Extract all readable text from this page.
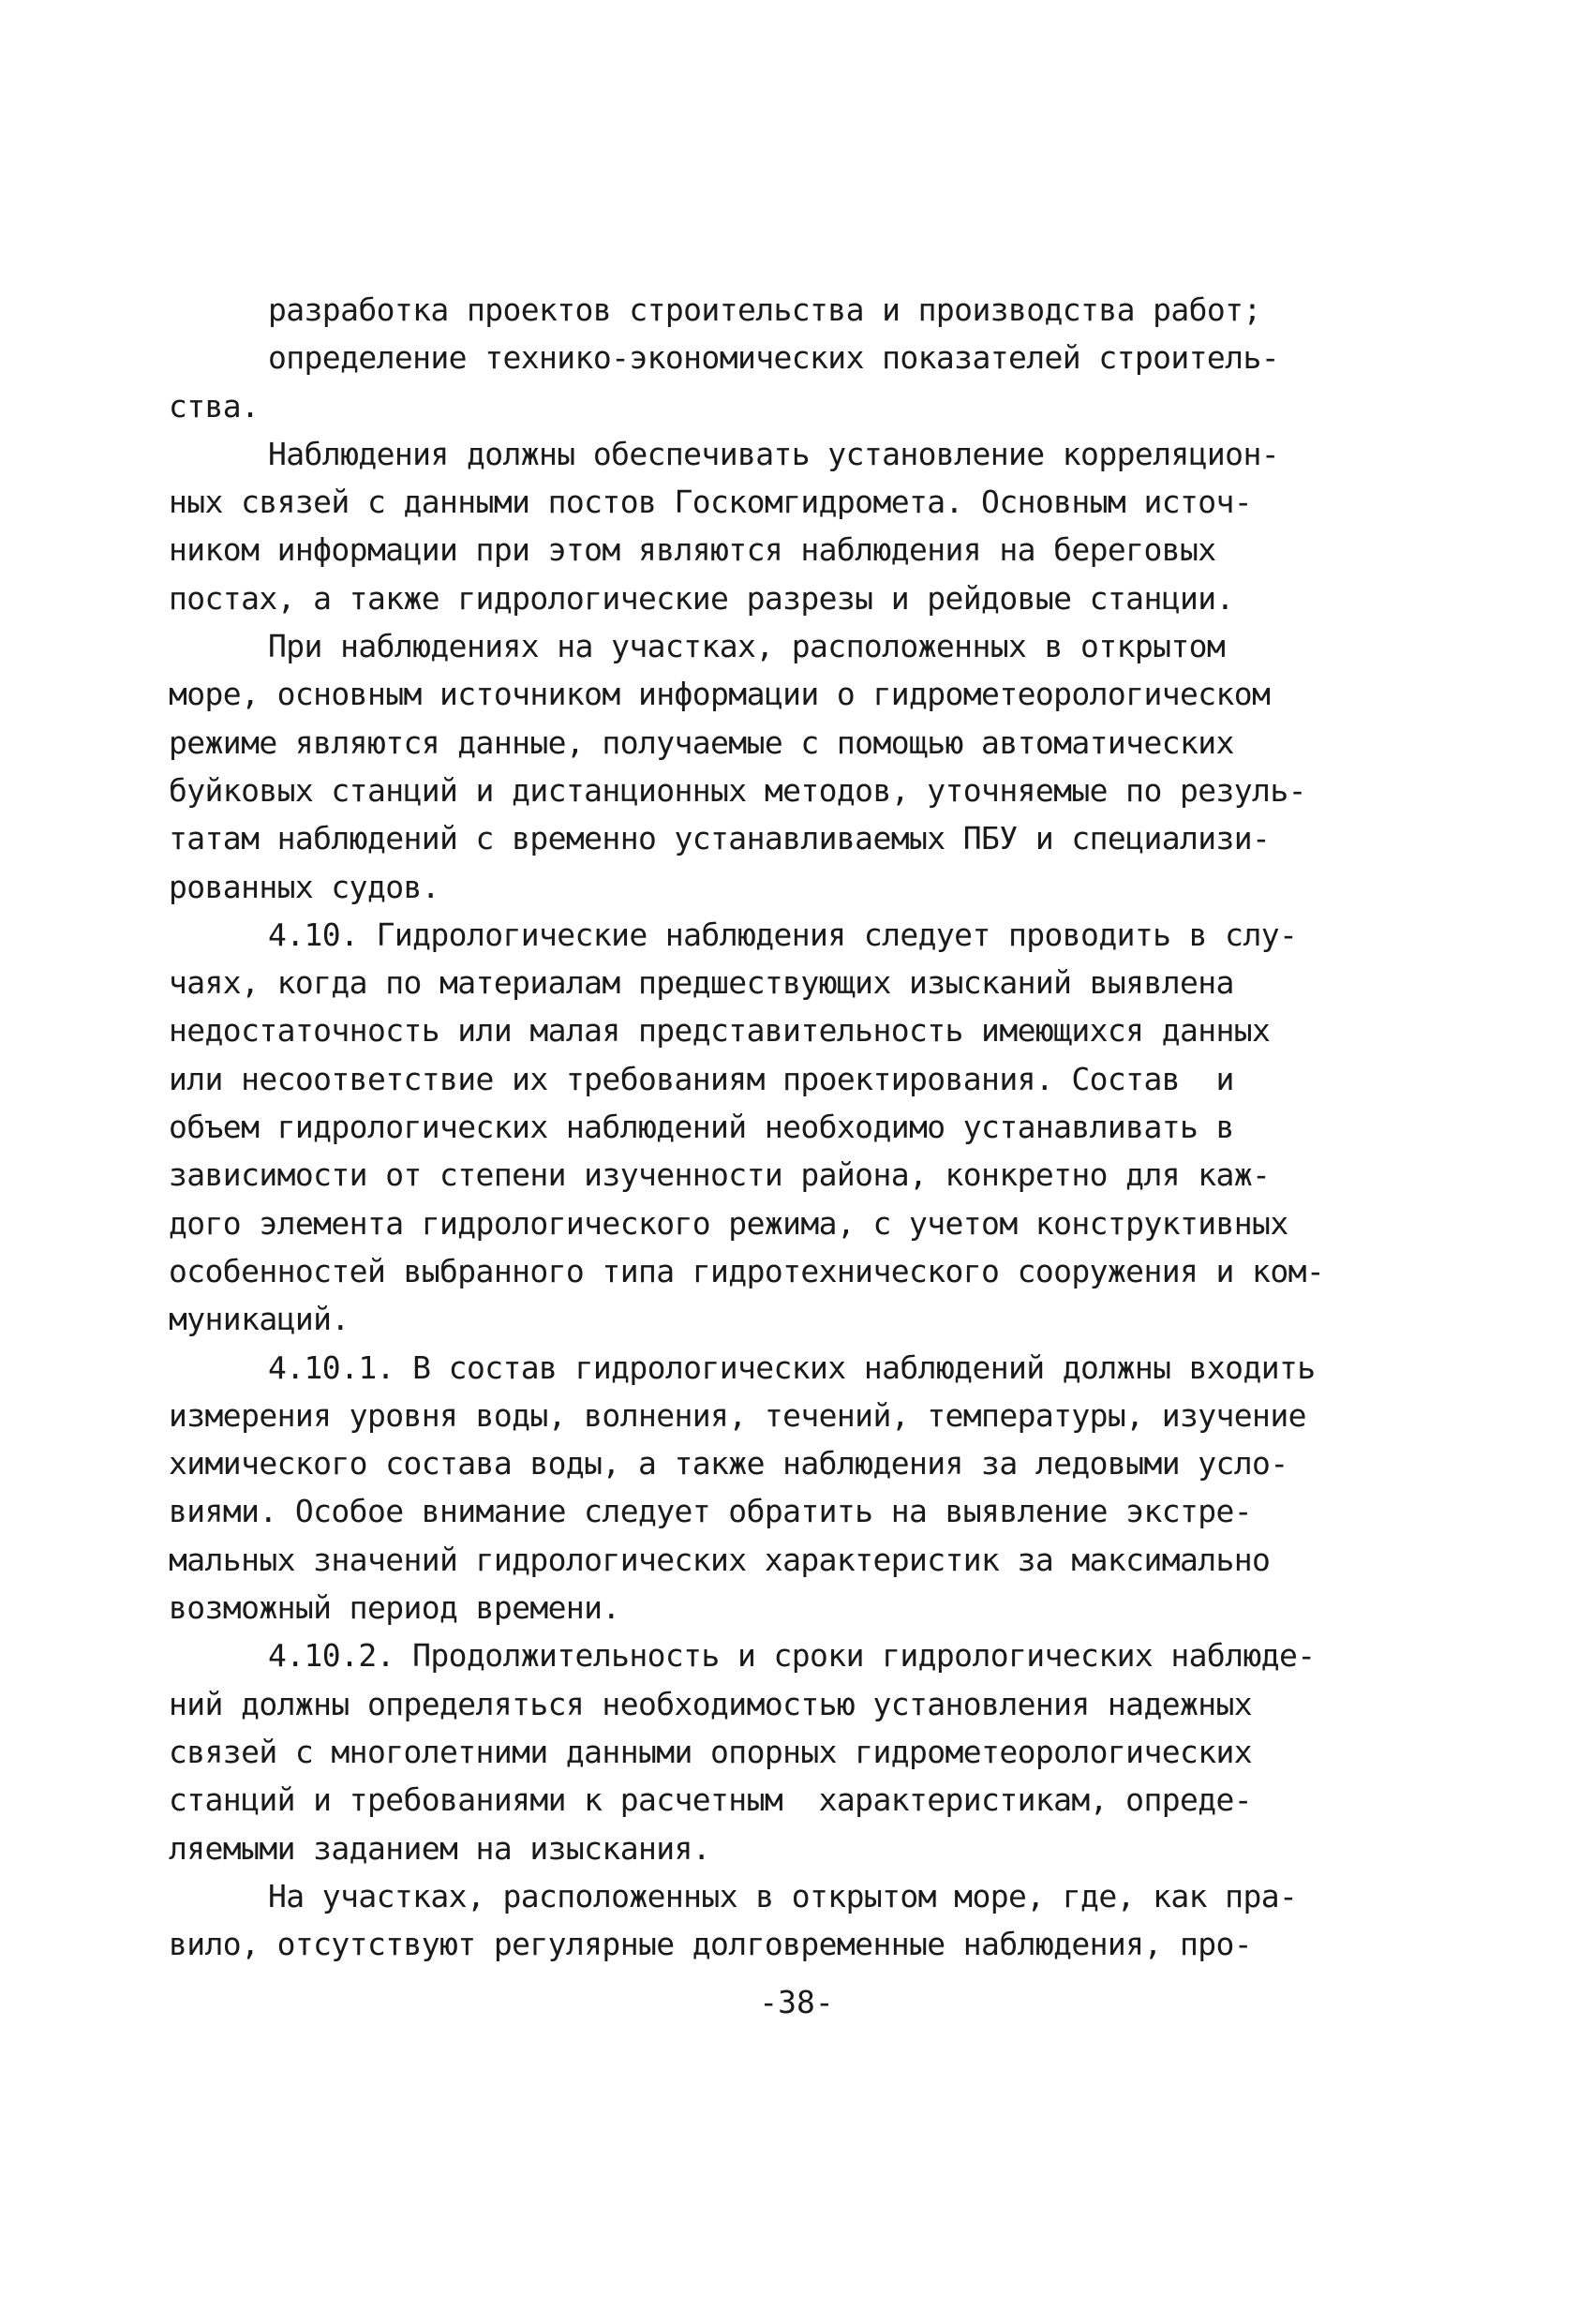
разработка проектов строительства и производства работ;
определение технико-экономических показателей строитель-
ства.
Наблюдения должны обеспечивать установление корреляцион-
ных связей с данными постов Госкомгидромета. Основным источ-
ником информации при этом являются наблюдения на береговых
постах, а также гидрологические разрезы и рейдовые станции.
При наблюдениях на участках, расположенных в открытом
море, основным источником информации о гидрометеорологическом
режиме являются данные, получаемые с помощью автоматических
буйковых станций и дистанционных методов, уточняемые по резуль-
татам наблюдений с временно устанавливаемых ПБУ и специализи-
рованных судов.
4.10. Гидрологические наблюдения следует проводить в слу-
чаях, когда по материалам предшествующих изысканий выявлена
недостаточность или малая представительность имеющихся данных
или несоответствие их требованиям проектирования. Состав  и
объем гидрологических наблюдений необходимо устанавливать в
зависимости от степени изученности района, конкретно для каж-
дого элемента гидрологического режима, с учетом конструктивных
особенностей выбранного типа гидротехнического сооружения и ком-
муникаций.
4.10.1. В состав гидрологических наблюдений должны входить
измерения уровня воды, волнения, течений, температуры, изучение
химического состава воды, а также наблюдения за ледовыми усло-
виями. Особое внимание следует обратить на выявление экстре-
мальных значений гидрологических характеристик за максимально
возможный период времени.
4.10.2. Продолжительность и сроки гидрологических наблюде-
ний должны определяться необходимостью установления надежных
связей с многолетними данными опорных гидрометеорологических
станций и требованиями к расчетным  характеристикам, опреде-
ляемыми заданием на изыскания.
На участках, расположенных в открытом море, где, как пра-
вило, отсутствуют регулярные долговременные наблюдения, про-
-38-
